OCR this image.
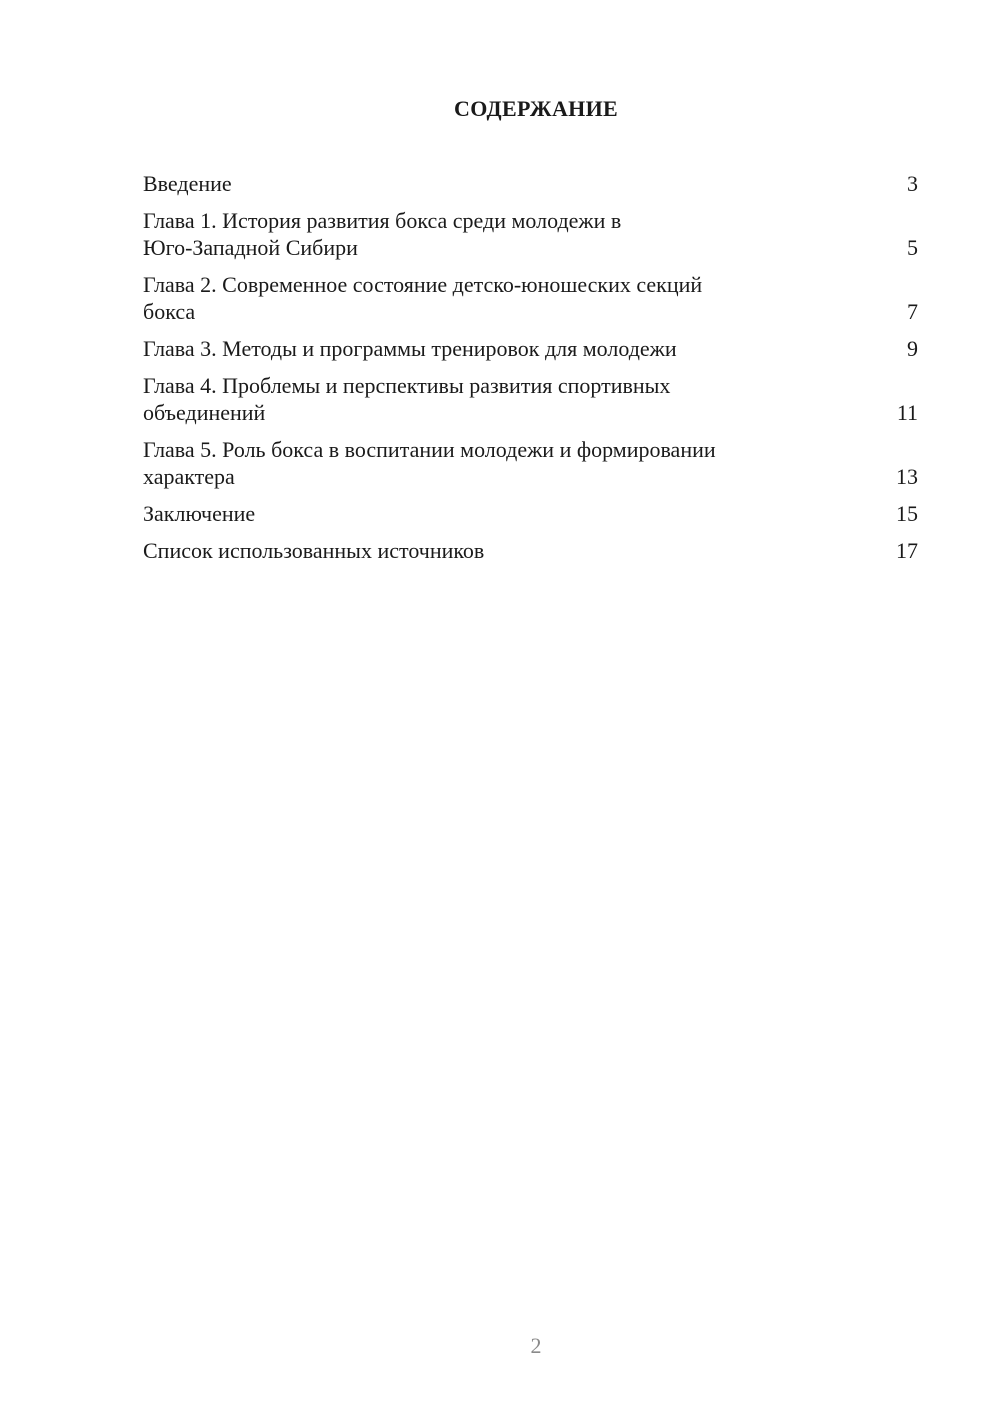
СОДЕРЖАНИЕ
Введение	3
Глава 1. История развития бокса среди молодежи в
Юго-Западной Сибири	5
Глава 2. Современное состояние детско-юношеских секций
бокса	7
Глава 3. Методы и программы тренировок для молодежи	9
Глава 4. Проблемы и перспективы развития спортивных
объединений	11
Глава 5. Роль бокса в воспитании молодежи и формировании
характера	13
Заключение	15
Список использованных источников	17
2
